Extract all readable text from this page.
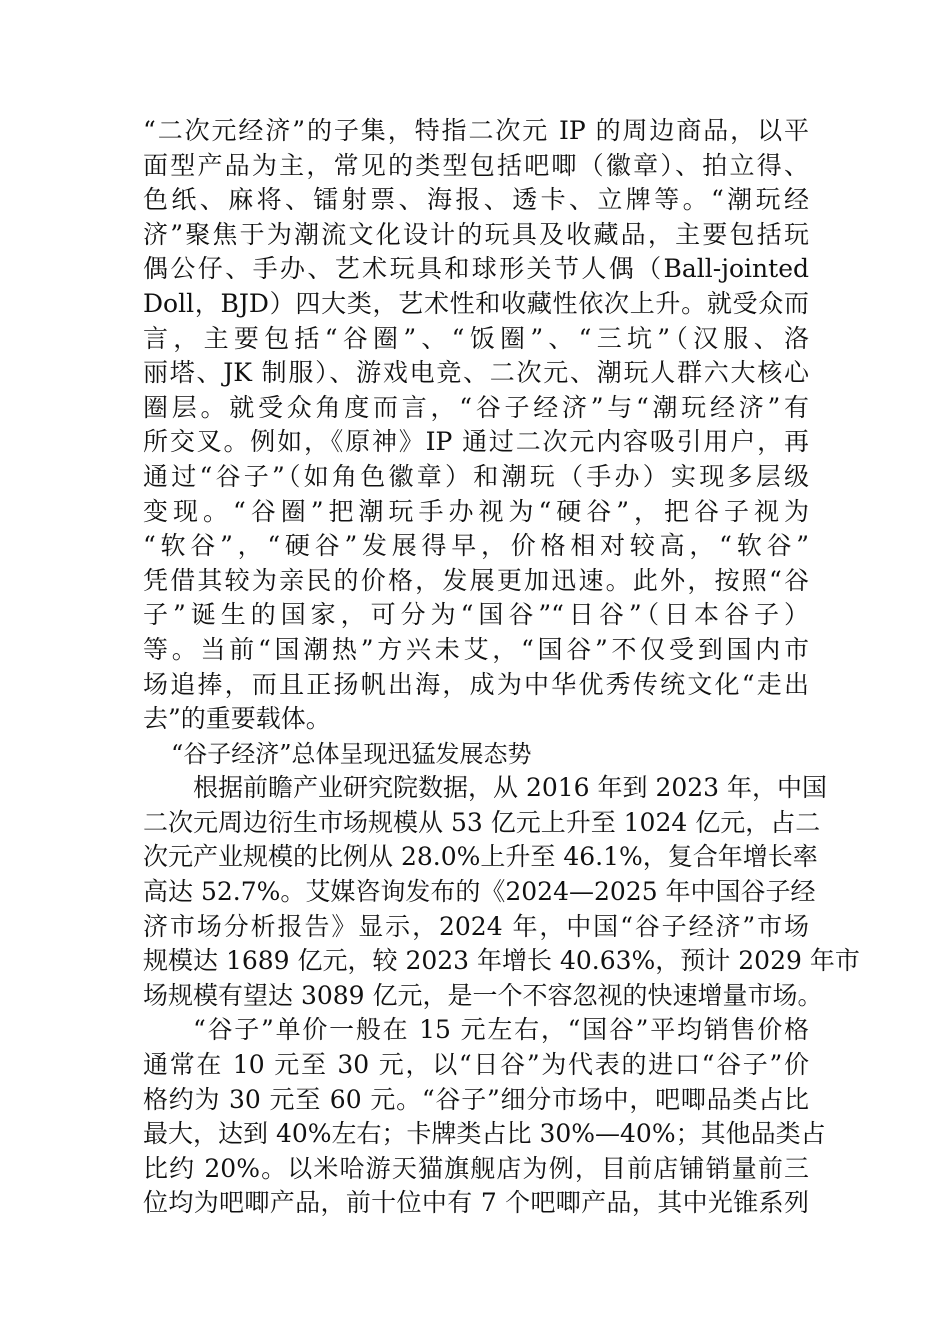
“二次元经济”的子集，特指二次元 IP 的周边商品，以平
面型产品为主，常见的类型包括吧唧（徽章）、拍立得、
色纸、麻将、镭射票、海报、透卡、立牌等。“潮玩经
济”聚焦于为潮流文化设计的玩具及收藏品，主要包括玩
偶公仔、手办、艺术玩具和球形关节人偶（Ball-jointed
Doll，BJD）四大类，艺术性和收藏性依次上升。就受众而
言，主要包括“谷圈”、“饭圈”、“三坑”（汉服、洛
丽塔、JK 制服）、游戏电竞、二次元、潮玩人群六大核心
圈层。就受众角度而言，“谷子经济”与“潮玩经济”有
所交叉。例如，《原神》IP 通过二次元内容吸引用户，再
通过“谷子”（如角色徽章）和潮玩（手办）实现多层级
变现。“谷圈”把潮玩手办视为“硬谷”，把谷子视为
“软谷”，“硬谷”发展得早，价格相对较高，“软谷”
凭借其较为亲民的价格，发展更加迅速。此外，按照“谷
子”诞生的国家，可分为“国谷”“日谷”（日本谷子）
等。当前“国潮热”方兴未艾，“国谷”不仅受到国内市
场追捧，而且正扬帆出海，成为中华优秀传统文化“走出
去”的重要载体。
“谷子经济”总体呈现迅猛发展态势
根据前瞻产业研究院数据，从 2016 年到 2023 年，中国
二次元周边衍生市场规模从 53 亿元上升至 1024 亿元，占二
次元产业规模的比例从 28.0%上升至 46.1%，复合年增长率
高达 52.7%。艾媒咨询发布的《2024—2025 年中国谷子经
济市场分析报告》显示，2024 年，中国“谷子经济”市场
规模达 1689 亿元，较 2023 年增长 40.63%，预计 2029 年市
场规模有望达 3089 亿元，是一个不容忽视的快速增量市场。
“谷子”单价一般在 15 元左右，“国谷”平均销售价格
通常在 10 元至 30 元，以“日谷”为代表的进口“谷子”价
格约为 30 元至 60 元。“谷子”细分市场中，吧唧品类占比
最大，达到 40%左右；卡牌类占比 30%—40%；其他品类占
比约 20%。以米哈游天猫旗舰店为例，目前店铺销量前三
位均为吧唧产品，前十位中有 7 个吧唧产品，其中光锥系列
